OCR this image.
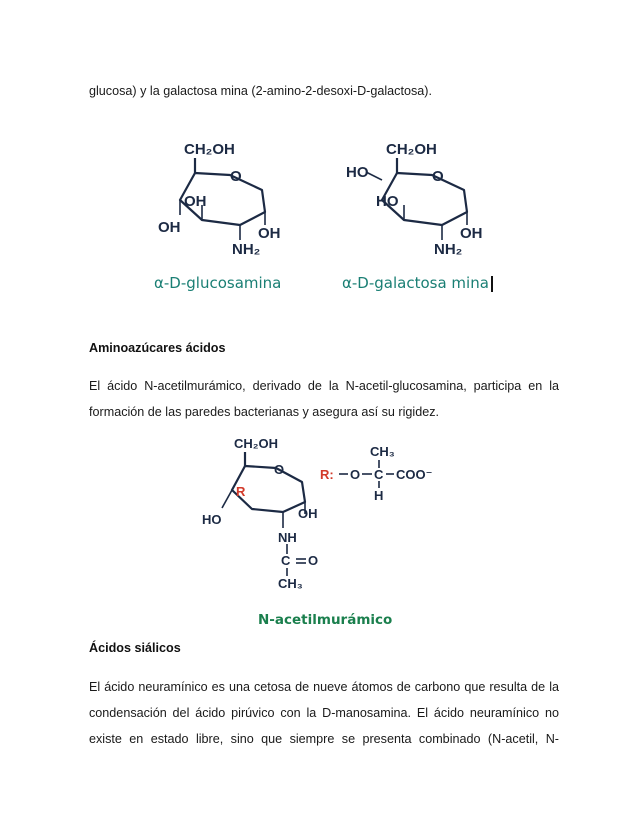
glucosa) y la galactosa mina (2-amino-2-desoxi-D-galactosa).
CH₂OH
O
OH
OH	OH
NH₂
CH₂OH
HO	O
HO
OH
NH₂
α-D-glucosamina	α-D-galactosa mina
Aminoazúcares ácidos
El ácido N-acetilmurámico, derivado de la N-acetil-glucosamina, participa en la
formación de las paredes bacterianas y asegura así su rigidez.
CH₂OH
O
R
HO	OH
NH
C O
CH₃
R: O C
CH₃
H
COO⁻
N-acetilmurámico
Ácidos siálicos
El ácido neuramínico es una cetosa de nueve átomos de carbono que resulta de la
condensación del ácido pirúvico con la D-manosamina. El ácido neuramínico no
existe en estado libre, sino que siempre se presenta combinado (N-acetil, N-
